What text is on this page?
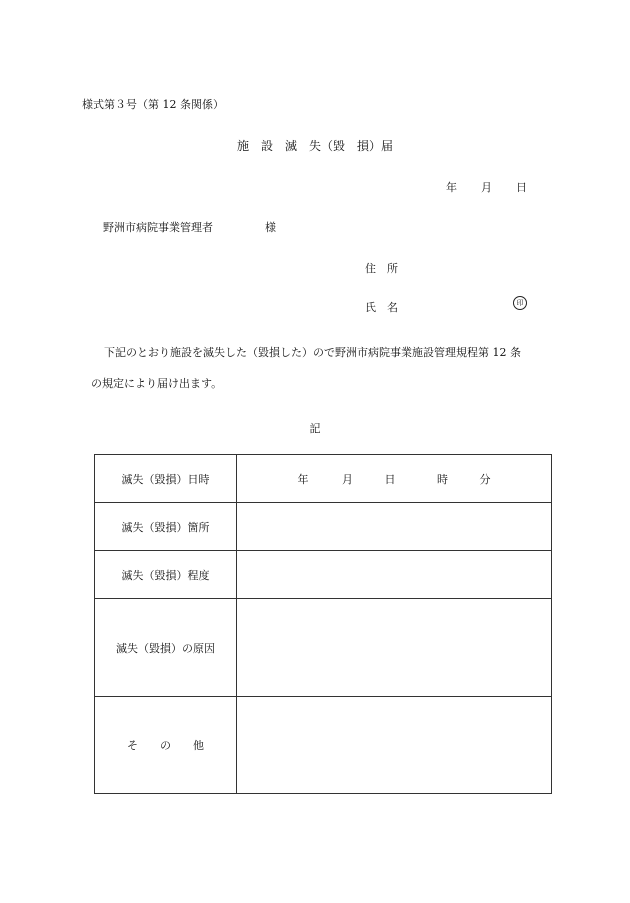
様式第３号（第 12 条関係）
施　設　滅　失（毀　損）届
年 月 日
野洲市病院事業管理者	様
住　所
氏　名	印
下記のとおり施設を滅失した（毀損した）ので野洲市病院事業施設管理規程第 12 条
の規定により届け出ます。
記
滅失（毀損）日時	年 月 日 時 分
滅失（毀損）箇所	
滅失（毀損）程度	
滅失（毀損）の原因	
そ　　の　　他	
